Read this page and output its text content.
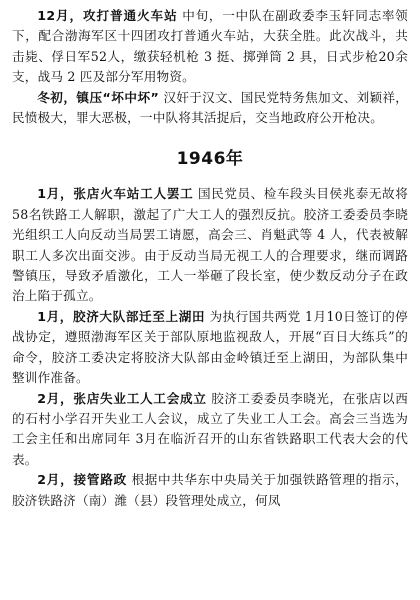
12月，攻打普通火车站 中旬，一中队在副政委李玉轩同志率领下，配合渤海军区十四团攻打普通火车站，大获全胜。此次战斗，共击毙、俘日军52人，缴获轻机枪 3 挺、掷弹筒 2 具，日式步枪20余支，战马 2 匹及部分军用物资。

冬初，镇压“坏中坏” 汉奸于汉文、国民党特务焦加文、刘颖祥，民愤极大，罪大恶极，一中队将其活捉后，交当地政府公开枪决。

1946年

1月，张店火车站工人罢工 国民党员、检车段头目侯兆泰无故将58名铁路工人解职，激起了广大工人的强烈反抗。胶济工委委员李晓光组织工人向反动当局罢工请愿，高会三、肖魁武等 4 人，代表被解职工人多次出面交涉。由于反动当局无视工人的合理要求，继而调路警镇压，导致矛盾激化，工人一举砸了段长室，使少数反动分子在政治上陷于孤立。

1月，胶济大队部迁至上湖田 为执行国共两党 1月10日签订的停战协定，遵照渤海军区关于部队原地监视敌人，开展“百日大练兵”的命令，胶济工委决定将胶济大队部由金岭镇迁至上湖田，为部队集中整训作准备。

2月，张店失业工人工会成立 胶济工委委员李晓光，在张店以西的石村小学召开失业工人会议，成立了失业工人工会。高会三当选为工会主任和出席同年 3月在临沂召开的山东省铁路职工代表大会的代表。

2月，接管路政 根据中共华东中央局关于加强铁路管理的指示，胶济铁路济（南）潍（县）段管理处成立，何凤
